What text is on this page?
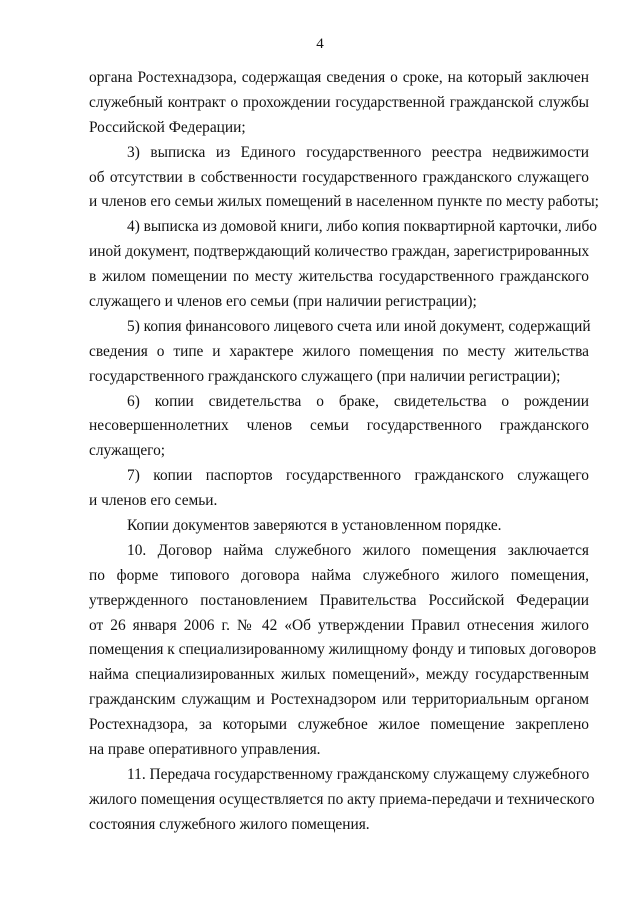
4
органа Ростехнадзора, содержащая сведения о сроке, на который заключен
служебный контракт о прохождении государственной гражданской службы
Российской Федерации;
3) выписка из Единого государственного реестра недвижимости
об отсутствии в собственности государственного гражданского служащего
и членов его семьи жилых помещений в населенном пункте по месту работы;
4) выписка из домовой книги, либо копия поквартирной карточки, либо
иной документ, подтверждающий количество граждан, зарегистрированных
в жилом помещении по месту жительства государственного гражданского
служащего и членов его семьи (при наличии регистрации);
5) копия финансового лицевого счета или иной документ, содержащий
сведения о типе и характере жилого помещения по месту жительства
государственного гражданского служащего (при наличии регистрации);
6) копии свидетельства о браке, свидетельства о рождении
несовершеннолетних членов семьи государственного гражданского
служащего;
7) копии паспортов государственного гражданского служащего
и членов его семьи.
Копии документов заверяются в установленном порядке.
10. Договор найма служебного жилого помещения заключается
по форме типового договора найма служебного жилого помещения,
утвержденного постановлением Правительства Российской Федерации
от 26 января 2006 г. № 42 «Об утверждении Правил отнесения жилого
помещения к специализированному жилищному фонду и типовых договоров
найма специализированных жилых помещений», между государственным
гражданским служащим и Ростехнадзором или территориальным органом
Ростехнадзора, за которыми служебное жилое помещение закреплено
на праве оперативного управления.
11. Передача государственному гражданскому служащему служебного
жилого помещения осуществляется по акту приема-передачи и технического
состояния служебного жилого помещения.
